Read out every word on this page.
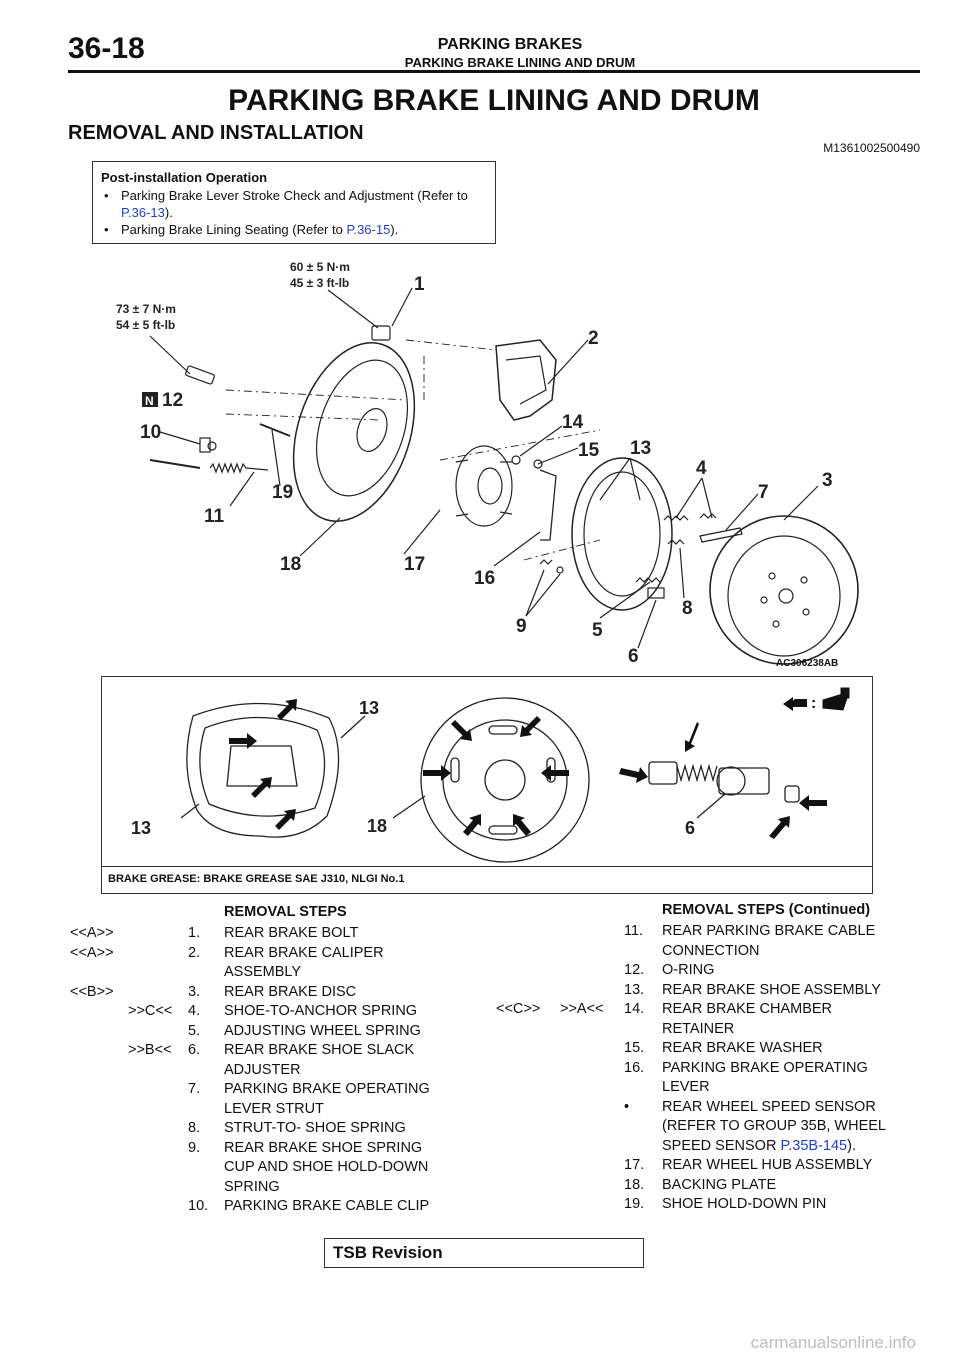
36-18	PARKING BRAKES
PARKING BRAKE LINING AND DRUM
PARKING BRAKE LINING AND DRUM
REMOVAL AND INSTALLATION
M1361002500490
Post-installation Operation
• Parking Brake Lever Stroke Check and Adjustment (Refer to P.36-13).
• Parking Brake Lining Seating (Refer to P.36-15).
60 ± 5 N·m
45 ± 3 ft-lb
73 ± 7 N·m
54 ± 5 ft-lb
N
1
2
3
4
5
6
7
8
9
10
11
12
13
14
15
16
17
18
19
AC306238AB
:
13
13	18	6
BRAKE GREASE: BRAKE GREASE SAE J310, NLGI No.1
REMOVAL STEPS	REMOVAL STEPS (Continued)
<<A>>	1. REAR BRAKE BOLT
<<A>>	2. REAR BRAKE CALIPER
ASSEMBLY
<<B>>	3. REAR BRAKE DISC
>>C<< 4. SHOE-TO-ANCHOR SPRING
5. ADJUSTING WHEEL SPRING
>>B<< 6. REAR BRAKE SHOE SLACK
ADJUSTER
7. PARKING BRAKE OPERATING
LEVER STRUT
8. STRUT-TO- SHOE SPRING
9. REAR BRAKE SHOE SPRING
CUP AND SHOE HOLD-DOWN
SPRING
10. PARKING BRAKE CABLE CLIP
11. REAR PARKING BRAKE CABLE
CONNECTION
12. O-RING
13. REAR BRAKE SHOE ASSEMBLY
<<C>> >>A<< 14. REAR BRAKE CHAMBER
RETAINER
15. REAR BRAKE WASHER
16. PARKING BRAKE OPERATING
LEVER
• REAR WHEEL SPEED SENSOR
(REFER TO GROUP 35B, WHEEL
SPEED SENSOR P.35B-145).
17. REAR WHEEL HUB ASSEMBLY
18. BACKING PLATE
19. SHOE HOLD-DOWN PIN
TSB Revision
carmanualsonline.info
